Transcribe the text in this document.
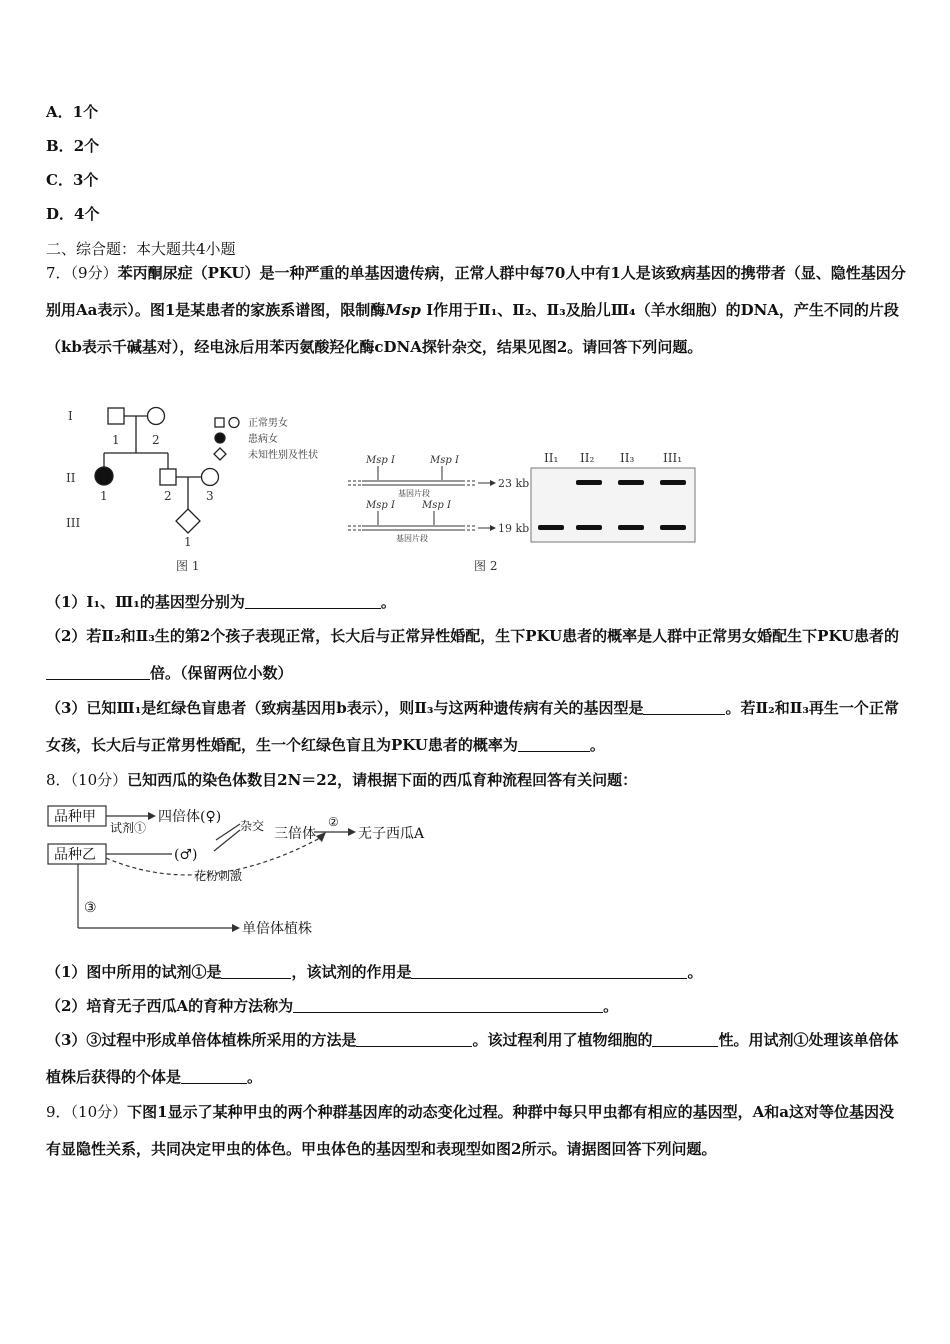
A．1个
B．2个
C．3个
D．4个
二、综合题：本大题共4小题
7．（9分）苯丙酮尿症（PKU）是一种严重的单基因遗传病，正常人群中每70人中有1人是该致病基因的携带者（显、隐性基因分别用Aa表示）。图1是某患者的家族系谱图，限制酶Msp I作用于Ⅱ₁、Ⅱ₂、Ⅱ₃及胎儿Ⅲ₄（羊水细胞）的DNA，产生不同的片段（kb表示千碱基对），经电泳后用苯丙氨酸羟化酶cDNA探针杂交，结果见图2。请回答下列问题。
I
II
III
1	2
1	2	3
1
正常男女
患病女
未知性别及性状
图 1
Msp I	Msp I
Msp I	Msp I
基因片段
基因片段
23 kb
19 kb
II₁ II₂ II₃ III₁
图 2
（1）I₁、Ⅲ₁的基因型分别为	。
（2）若Ⅱ₂和Ⅱ₃生的第2个孩子表现正常，长大后与正常异性婚配，生下PKU患者的概率是人群中正常男女婚配生下PKU患者的倍。（保留两位小数）
（3）已知Ⅲ₁是红绿色盲患者（致病基因用b表示），则Ⅱ₃与这两种遗传病有关的基因型是	。若Ⅱ₂和Ⅱ₃再生一个正常女孩，长大后与正常男性婚配，生一个红绿色盲且为PKU患者的概率为	。
8．（10分）已知西瓜的染色体数目2N＝22，请根据下面的西瓜育种流程回答有关问题：
品种甲
品种乙
四倍体(♀)
(♂)
三倍体	无子西瓜A
单倍体植株
③
试剂①	杂交	②
花粉刺激
（1）图中所用的试剂①是	，该试剂的作用是	。
（2）培育无子西瓜A的育种方法称为	。
（3）③过程中形成单倍体植株所采用的方法是	。该过程利用了植物细胞的	性。用试剂①处理该单倍体植株后获得的个体是	。
9．（10分）下图1显示了某种甲虫的两个种群基因库的动态变化过程。种群中每只甲虫都有相应的基因型，A和a这对等位基因没有显隐性关系，共同决定甲虫的体色。甲虫体色的基因型和表现型如图2所示。请据图回答下列问题。
